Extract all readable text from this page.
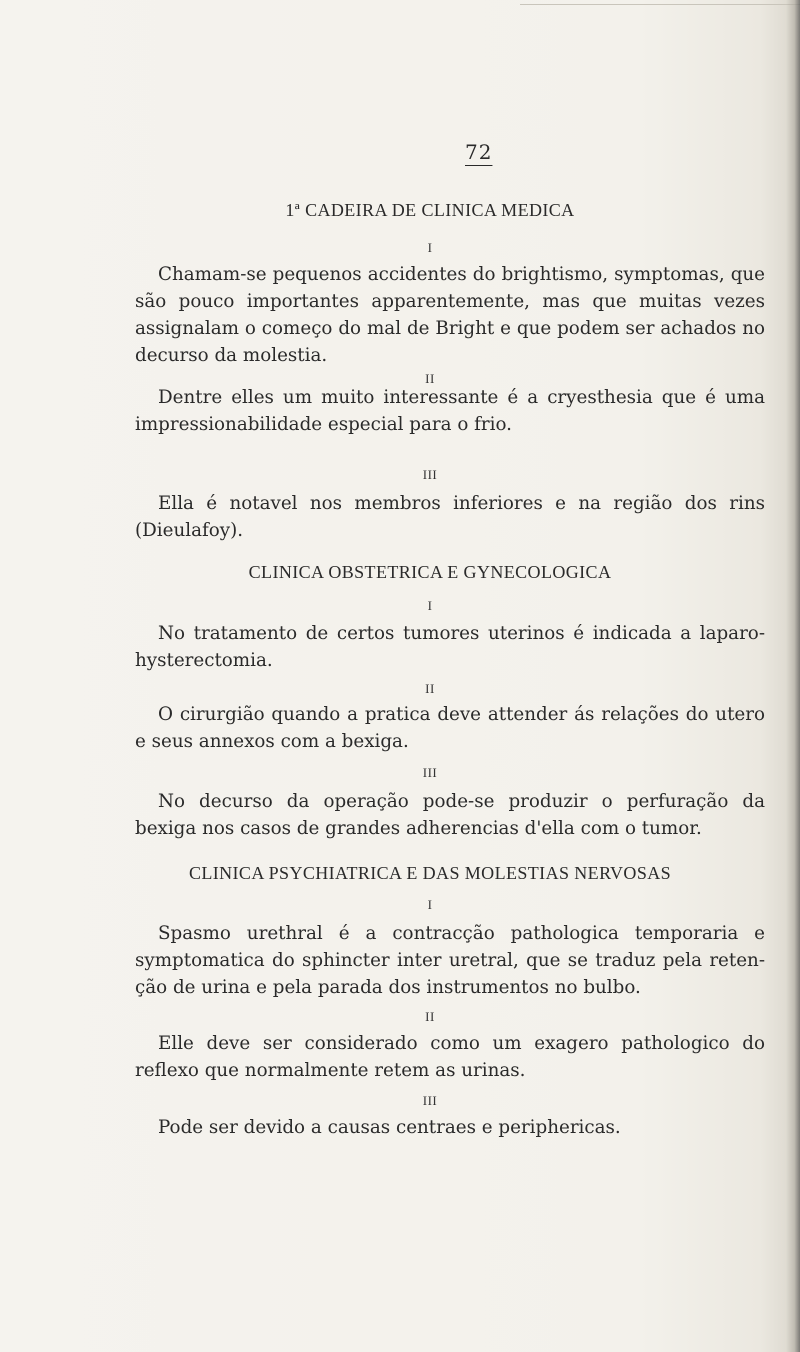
72
1ª CADEIRA DE CLINICA MEDICA
I

Chamam-se pequenos accidentes do brightismo, symptomas, que são pouco importantes apparentemente, mas que muitas vezes assignalam o começo do mal de Bright e que podem ser achados no decurso da molestia.

II

Dentre elles um muito interessante é a cryesthesia que é uma impressionabilidade especial para o frio.

III

Ella é notavel nos membros inferiores e na região dos rins (Dieulafoy).

CLINICA OBSTETRICA E GYNECOLOGICA
I

No tratamento de certos tumores uterinos é indicada a laparo-hysterectomia.

II

O cirurgião quando a pratica deve attender ás relações do utero e seus annexos com a bexiga.

III

No decurso da operação pode-se produzir o perfuração da bexiga nos casos de grandes adherencias d'ella com o tumor.

CLINICA PSYCHIATRICA E DAS MOLESTIAS NERVOSAS
I

Spasmo urethral é a contracção pathologica temporaria e symptomatica do sphincter inter uretral, que se traduz pela reten-ção de urina e pela parada dos instrumentos no bulbo.

II

Elle deve ser considerado como um exagero pathologico do reflexo que normalmente retem as urinas.

III

Pode ser devido a causas centraes e periphericas.
